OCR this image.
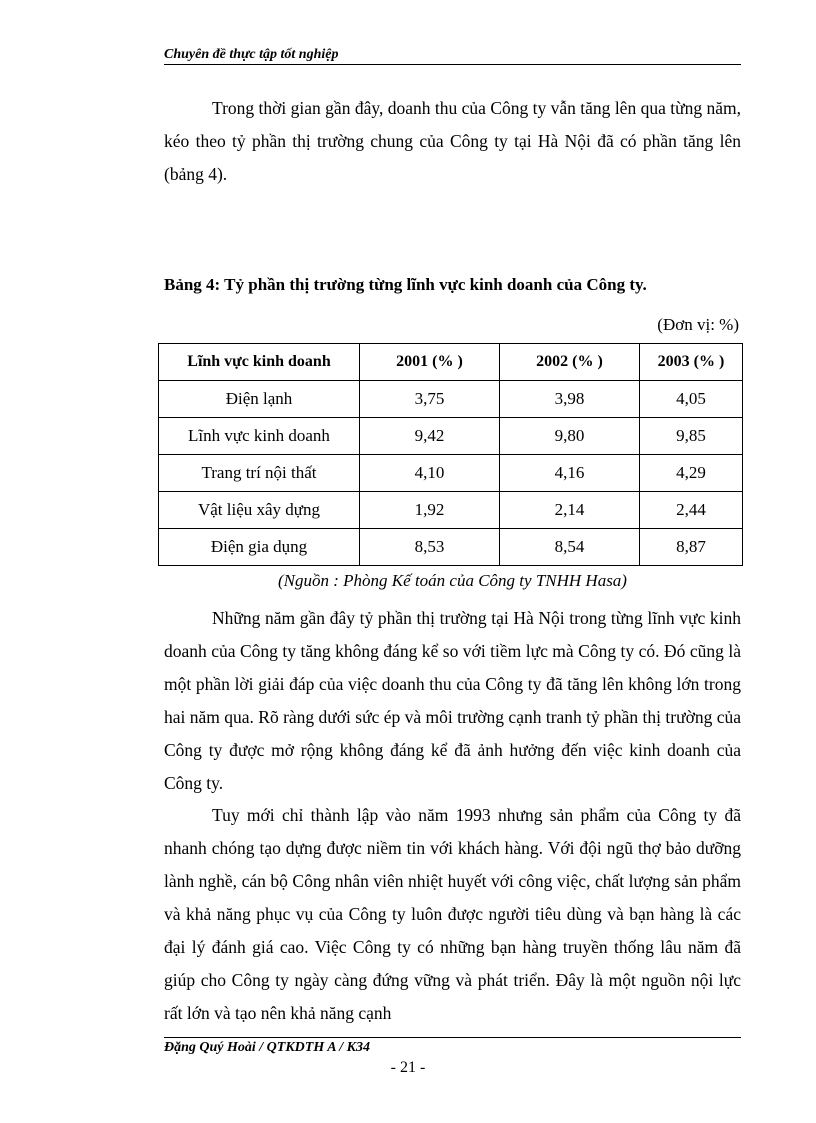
Chuyên đề thực tập tốt nghiệp

Trong thời gian gần đây, doanh thu của Công ty vẫn tăng lên qua từng năm, kéo theo tỷ phần thị trường chung của Công ty tại Hà Nội đã có phần tăng lên (bảng 4).

Bảng 4: Tỷ phần thị trường từng lĩnh vực kinh doanh của Công ty.
(Đơn vị: %)
Lĩnh vực kinh doanh	2001 (% )	2002 (% )	2003 (% )
Điện lạnh	3,75	3,98	4,05
Lĩnh vực kinh doanh	9,42	9,80	9,85
Trang trí nội thất	4,10	4,16	4,29
Vật liệu xây dựng	1,92	2,14	2,44
Điện gia dụng	8,53	8,54	8,87
(Nguồn : Phòng Kế toán của Công ty TNHH Hasa)

Những năm gần đây tỷ phần thị trường tại Hà Nội trong từng lĩnh vực kinh doanh của Công ty tăng không đáng kể so với tiềm lực mà Công ty có. Đó cũng là một phần lời giải đáp của việc doanh thu của Công ty đã tăng lên không lớn trong hai năm qua. Rõ ràng dưới sức ép và môi trường cạnh tranh tỷ phần thị trường của Công ty được mở rộng không đáng kể đã ảnh hưởng đến việc kinh doanh của Công ty.

Tuy mới chỉ thành lập vào năm 1993 nhưng sản phẩm của Công ty đã nhanh chóng tạo dựng được niềm tin với khách hàng. Với đội ngũ thợ bảo dưỡng lành nghề, cán bộ Công nhân viên nhiệt huyết với công việc, chất lượng sản phẩm và khả năng phục vụ của Công ty luôn được người tiêu dùng và bạn hàng là các đại lý đánh giá cao. Việc Công ty có những bạn hàng truyền thống lâu năm đã giúp cho Công ty ngày càng đứng vững và phát triển. Đây là một nguồn nội lực rất lớn và tạo nên khả năng cạnh

Đặng Quý Hoài / QTKDTH A / K34
- 21 -
